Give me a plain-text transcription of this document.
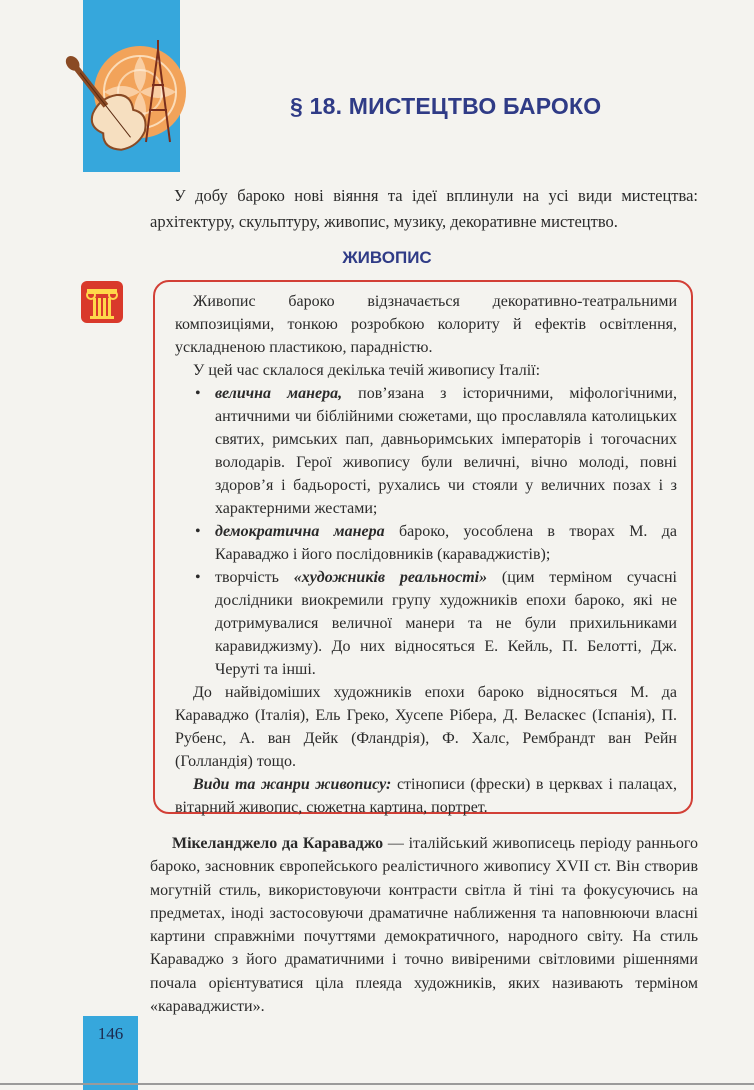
§ 18. МИСТЕЦТВО БАРОКО

У добу бароко нові віяння та ідеї вплинули на усі види мистецтва: архітектуру, скульптуру, живопис, музику, декоративне мистецтво.

ЖИВОПИС

Живопис бароко відзначається декоративно-театральними композиціями, тонкою розробкою колориту й ефектів освітлення, ускладненою пластикою, парадністю.

У цей час склалося декілька течій живопису Італії:

• велична манера, пов’язана з історичними, міфологічними, античними чи біблійними сюжетами, що прославляла католицьких святих, римських пап, давньоримських імператорів і тогочасних володарів. Герої живопису були величні, вічно молоді, повні здоров’я і бадьорості, рухались чи стояли у величних позах і з характерними жестами;
• демократична манера бароко, уособлена в творах М. да Караваджо і його послідовників (караваджистів);
• творчість «художників реальності» (цим терміном сучасні дослідники виокремили групу художників епохи бароко, які не дотримувалися величної манери та не були прихильниками каравиджизму). До них відносяться Е. Кейль, П. Белотті, Дж. Черуті та інші.

До найвідоміших художників епохи бароко відносяться М. да Караваджо (Італія), Ель Греко, Хусепе Рібера, Д. Веласкес (Іспанія), П. Рубенс, А. ван Дейк (Фландрія), Ф. Халс, Рембрандт ван Рейн (Голландія) тощо.

Види та жанри живопису: стінописи (фрески) в церквах і палацах, вітарний живопис, сюжетна картина, портрет.

Мікеланджело да Караваджо — італійський живописець періоду раннього бароко, засновник європейського реалістичного живопису XVII ст. Він створив могутній стиль, використовуючи контрасти світла й тіні та фокусуючись на предметах, іноді застосовуючи драматичне наближення та наповнюючи власні картини справжніми почуттями демократичного, народного світу. На стиль Караваджо з його драматичними і точно вивіреними світловими рішеннями почала орієнтуватися ціла плеяда художників, яких називають терміном «караваджисти».

146
